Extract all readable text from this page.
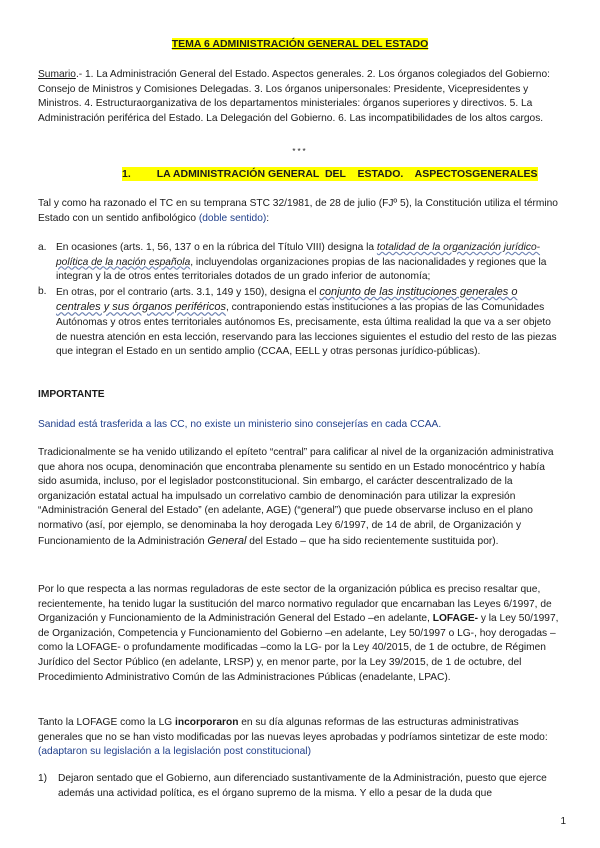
TEMA 6 ADMINISTRACIÓN GENERAL DEL ESTADO

Sumario.- 1. La Administración General del Estado. Aspectos generales. 2. Los órganos colegiados del Gobierno: Consejo de Ministros y Comisiones Delegadas. 3. Los órganos unipersonales: Presidente, Vicepresidentes y Ministros. 4. Estructuraorganizativa de los departamentos ministeriales: órganos superiores y directivos. 5. La Administración periférica del Estado. La Delegación del Gobierno. 6. Las incompatibilidades de los altos cargos.

***
1. LA ADMINISTRACIÓN GENERAL  DEL    ESTADO.    ASPECTOSGENERALES

Tal y como ha razonado el TC en su temprana STC 32/1981, de 28 de julio (FJº 5), la Constitución utiliza el término Estado con un sentido anfibológico (doble sentido):

a. En ocasiones (arts. 1, 56, 137 o en la rúbrica del Título VIII) designa la totalidad de la organización jurídico-política de la nación española, incluyendolas organizaciones propias de las nacionalidades y regiones que la integran y la de otros entes territoriales dotados de un grado inferior de autonomía;
b. En otras, por el contrario (arts. 3.1, 149 y 150), designa el conjunto de las instituciones generales o centrales y sus órganos periféricos, contraponiendo estas instituciones a las propias de las Comunidades Autónomas y otros entes territoriales autónomos Es, precisamente, esta última realidad la que va a ser objeto de nuestra atención en esta lección, reservando para las lecciones siguientes el estudio del resto de las piezas que integran el Estado en un sentido amplio (CCAA, EELL y otras personas jurídico-públicas).

IMPORTANTE

Sanidad está trasferida a las CC, no existe un ministerio sino consejerías en cada CCAA.

Tradicionalmente se ha venido utilizando el epíteto “central” para calificar al nivel de la organización administrativa que ahora nos ocupa, denominación que encontraba plenamente su sentido en un Estado monocéntrico y había sido asumida, incluso, por el legislador postconstitucional. Sin embargo, el carácter descentralizado de la organización estatal actual ha impulsado un correlativo cambio de denominación para utilizar la expresión “Administración General del Estado” (en adelante, AGE) (“general”) que puede observarse incluso en el plano normativo (así, por ejemplo, se denominaba la hoy derogada Ley 6/1997, de 14 de abril, de Organización y Funcionamiento de la Administración General del Estado – que ha sido recientemente sustituida por).

Por lo que respecta a las normas reguladoras de este sector de la organización pública es preciso resaltar que, recientemente, ha tenido lugar la sustitución del marco normativo regulador que encarnaban las Leyes 6/1997, de Organización y Funcionamiento de la Administración General del Estado –en adelante, LOFAGE- y la Ley 50/1997, de Organización, Competencia y Funcionamiento del Gobierno –en adelante, Ley 50/1997 o LG-, hoy derogadas –como la LOFAGE- o profundamente modificadas –como la LG- por la Ley 40/2015, de 1 de octubre, de Régimen Jurídico del Sector Público (en adelante, LRSP) y, en menor parte, por la Ley 39/2015, de 1 de octubre, del Procedimiento Administrativo Común de las Administraciones Públicas (enadelante, LPAC).

Tanto la LOFAGE como la LG incorporaron en su día algunas reformas de las estructuras administrativas generales que no se han visto modificadas por las nuevas leyes aprobadas y podríamos sintetizar de este modo: (adaptaron su legislación a la legislación post constitucional)

1) Dejaron sentado que el Gobierno, aun diferenciado sustantivamente de la Administración, puesto que ejerce además una actividad política, es el órgano supremo de la misma. Y ello a pesar de la duda que
1
